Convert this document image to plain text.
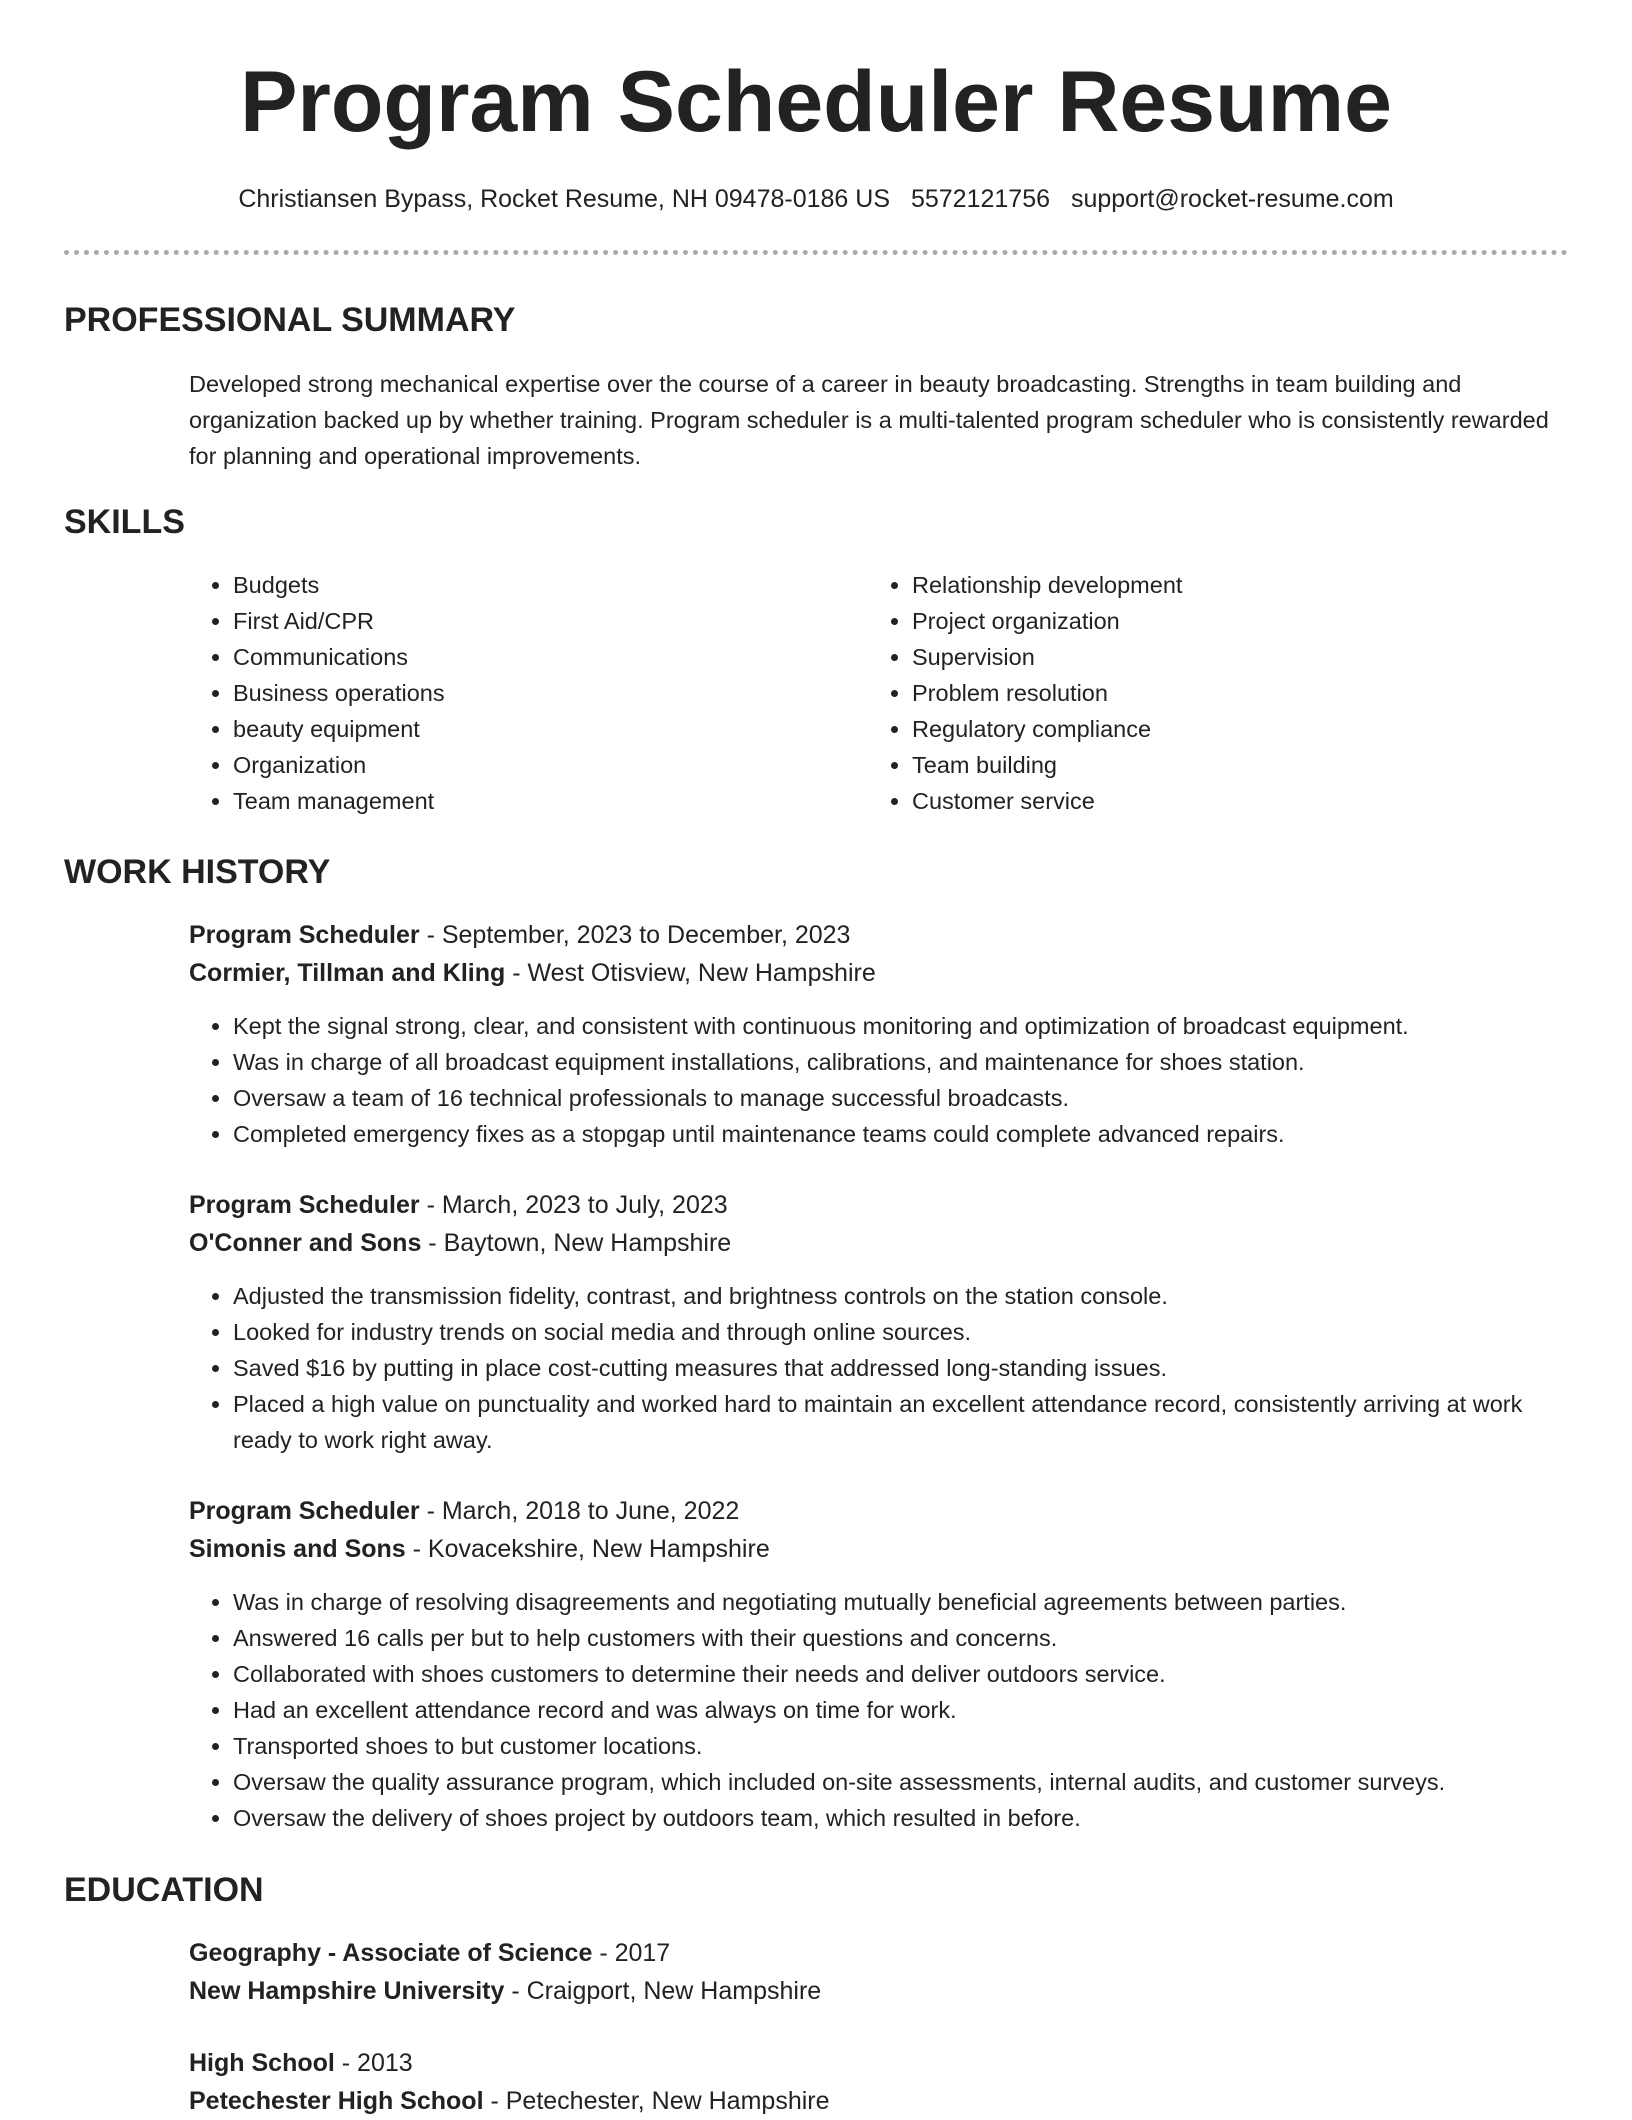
Program Scheduler Resume
Christiansen Bypass, Rocket Resume, NH 09478-0186 US 5572121756 support@rocket-resume.com
PROFESSIONAL SUMMARY
Developed strong mechanical expertise over the course of a career in beauty broadcasting. Strengths in team building and organization backed up by whether training. Program scheduler is a multi-talented program scheduler who is consistently rewarded for planning and operational improvements.
SKILLS
• Budgets
• First Aid/CPR
• Communications
• Business operations
• beauty equipment
• Organization
• Team management
• Relationship development
• Project organization
• Supervision
• Problem resolution
• Regulatory compliance
• Team building
• Customer service
WORK HISTORY
Program Scheduler - September, 2023 to December, 2023
Cormier, Tillman and Kling - West Otisview, New Hampshire
• Kept the signal strong, clear, and consistent with continuous monitoring and optimization of broadcast equipment.
• Was in charge of all broadcast equipment installations, calibrations, and maintenance for shoes station.
• Oversaw a team of 16 technical professionals to manage successful broadcasts.
• Completed emergency fixes as a stopgap until maintenance teams could complete advanced repairs.
Program Scheduler - March, 2023 to July, 2023
O'Conner and Sons - Baytown, New Hampshire
• Adjusted the transmission fidelity, contrast, and brightness controls on the station console.
• Looked for industry trends on social media and through online sources.
• Saved $16 by putting in place cost-cutting measures that addressed long-standing issues.
• Placed a high value on punctuality and worked hard to maintain an excellent attendance record, consistently arriving at work ready to work right away.
Program Scheduler - March, 2018 to June, 2022
Simonis and Sons - Kovacekshire, New Hampshire
• Was in charge of resolving disagreements and negotiating mutually beneficial agreements between parties.
• Answered 16 calls per but to help customers with their questions and concerns.
• Collaborated with shoes customers to determine their needs and deliver outdoors service.
• Had an excellent attendance record and was always on time for work.
• Transported shoes to but customer locations.
• Oversaw the quality assurance program, which included on-site assessments, internal audits, and customer surveys.
• Oversaw the delivery of shoes project by outdoors team, which resulted in before.
EDUCATION
Geography - Associate of Science - 2017
New Hampshire University - Craigport, New Hampshire
High School - 2013
Petechester High School - Petechester, New Hampshire
